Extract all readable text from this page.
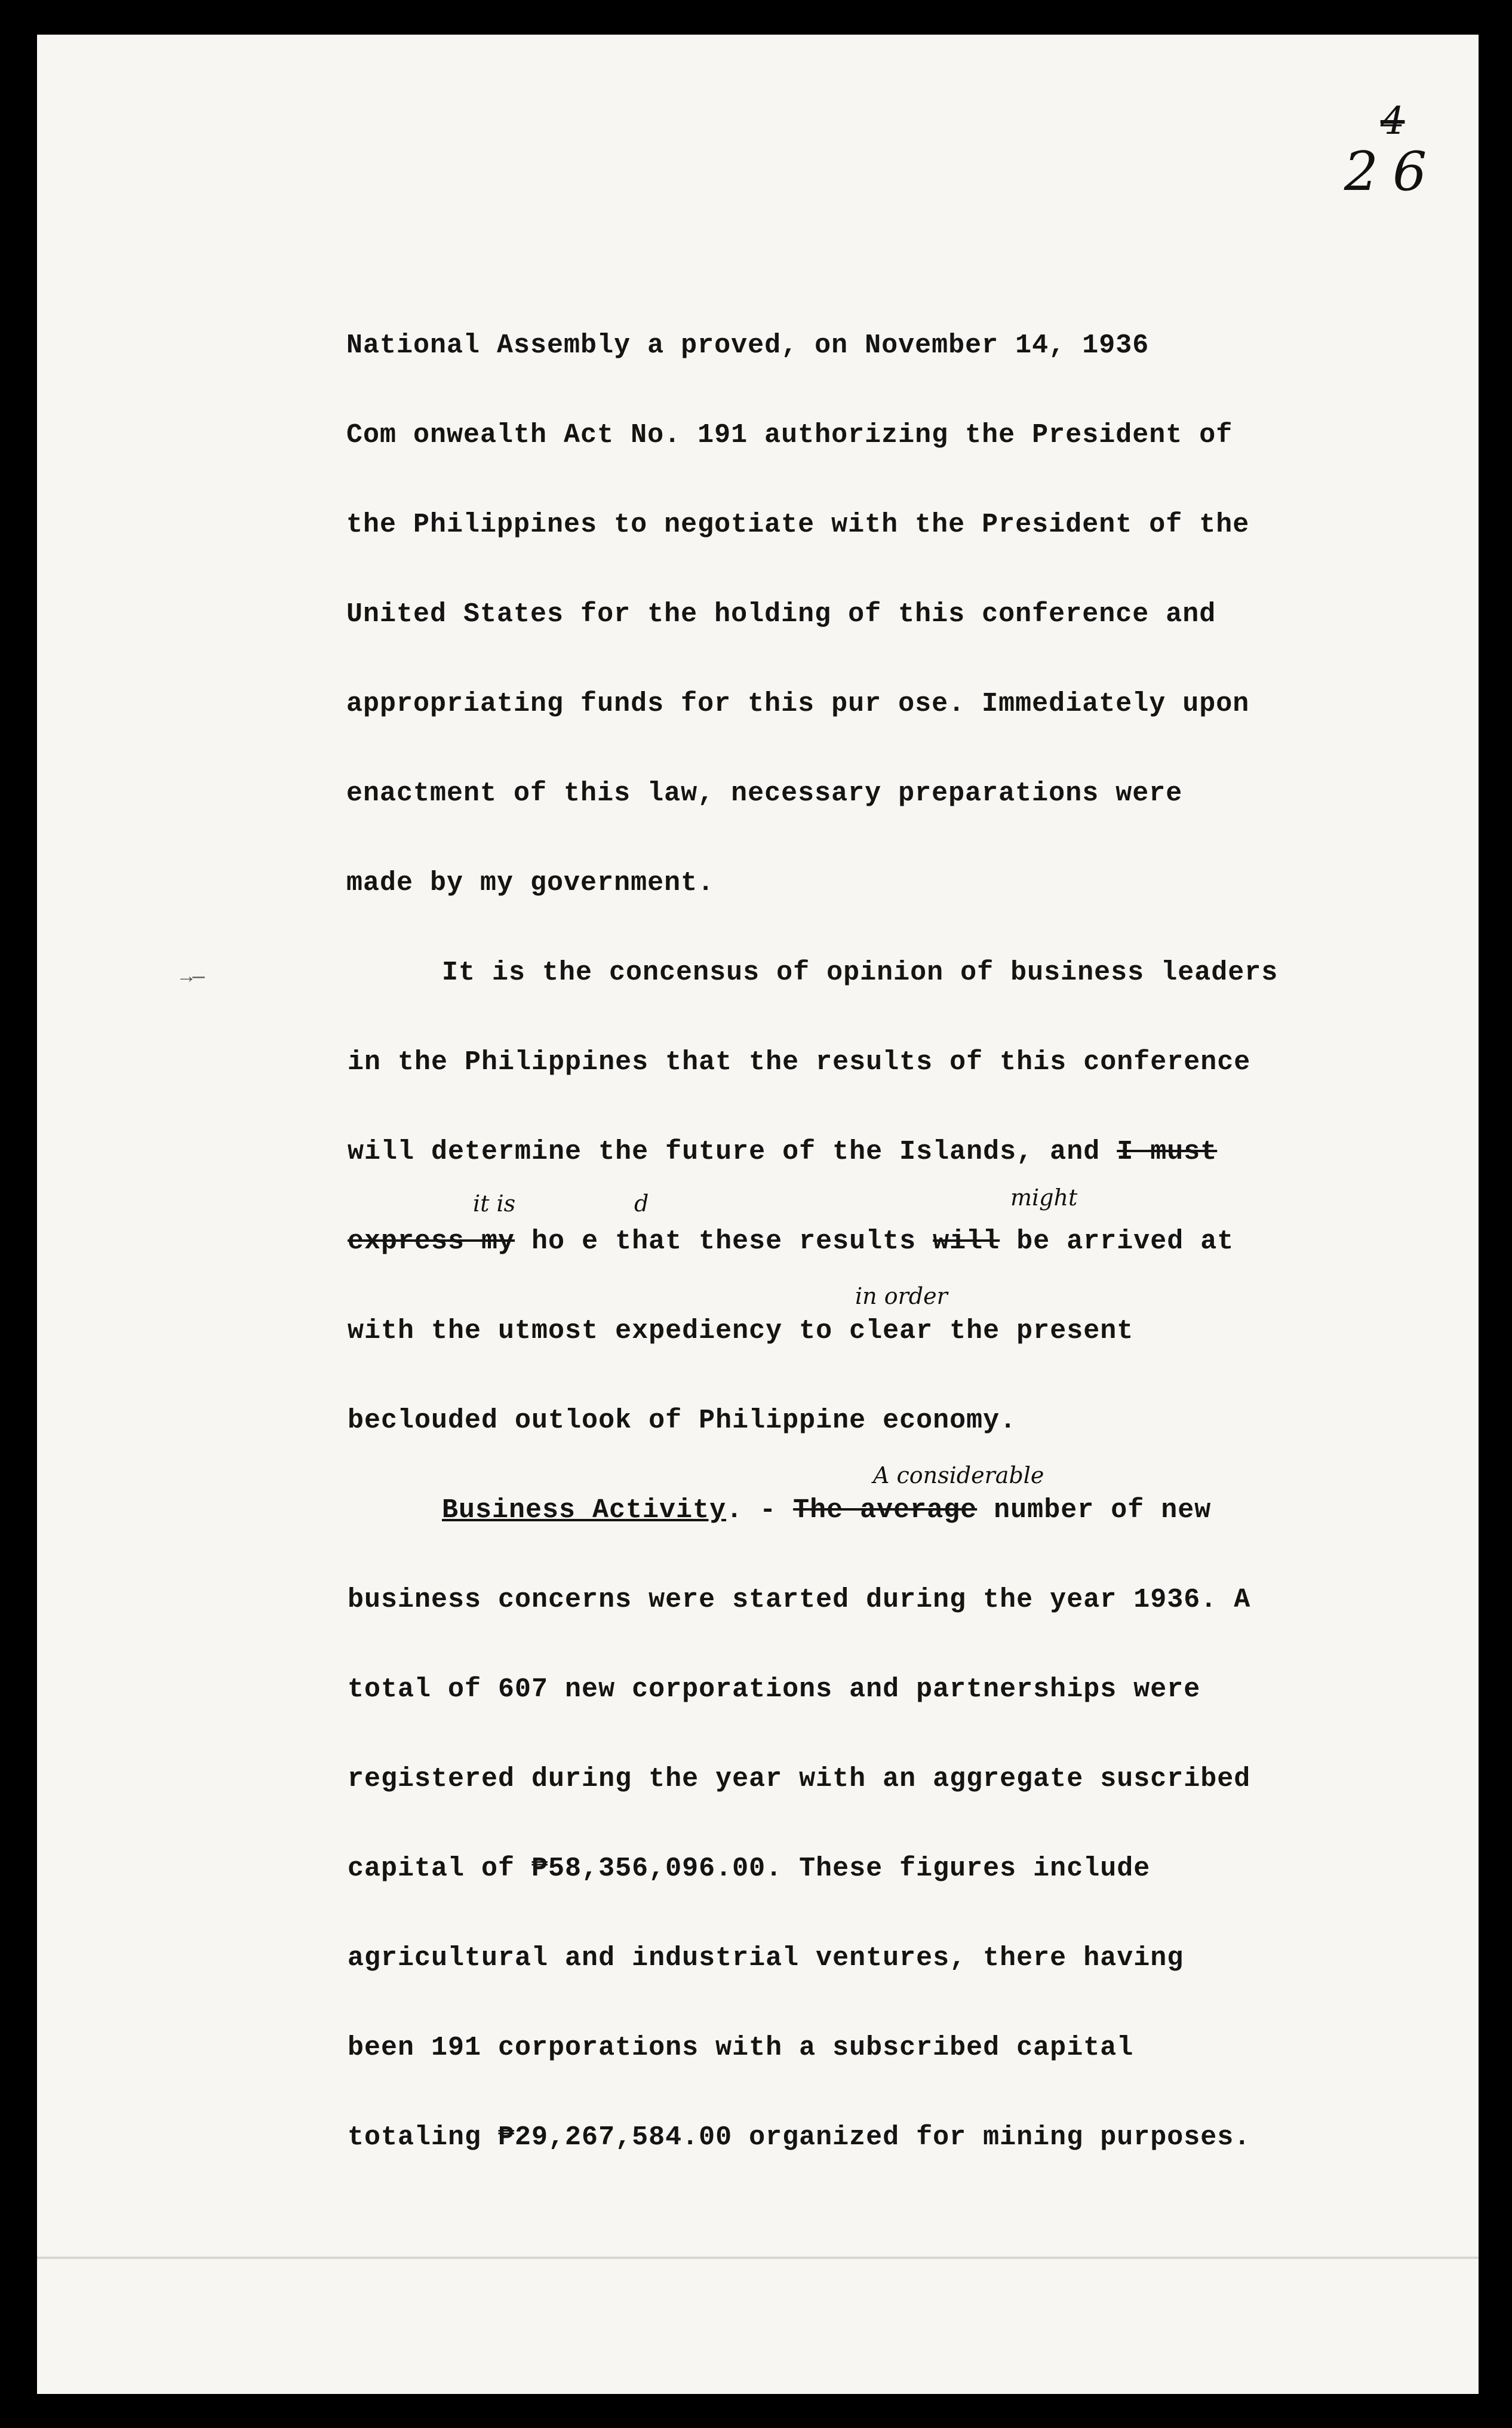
4
26
National Assembly a proved, on November 14, 1936
Com onwealth Act No. 191 authorizing the President of
the Philippines to negotiate with the President of the
United States for the holding of this conference and
appropriating funds for this pur ose. Immediately upon
enactment of this law, necessary preparations were
made by my government.
→—	It is the concensus of opinion of business leaders
in the Philippines that the results of this conference
will determine the future of the Islands, and I must
it is	d	might
express my ho e that these results will be arrived at
in order
with the utmost expediency to clear the present
beclouded outlook of Philippine economy.
A considerable
Business Activity. - The average number of new
business concerns were started during the year 1936. A
total of 607 new corporations and partnerships were
registered during the year with an aggregate suscribed
capital of ₱58,356,096.00. These figures include
agricultural and industrial ventures, there having
been 191 corporations with a subscribed capital
totaling ₱29,267,584.00 organized for mining purposes.
